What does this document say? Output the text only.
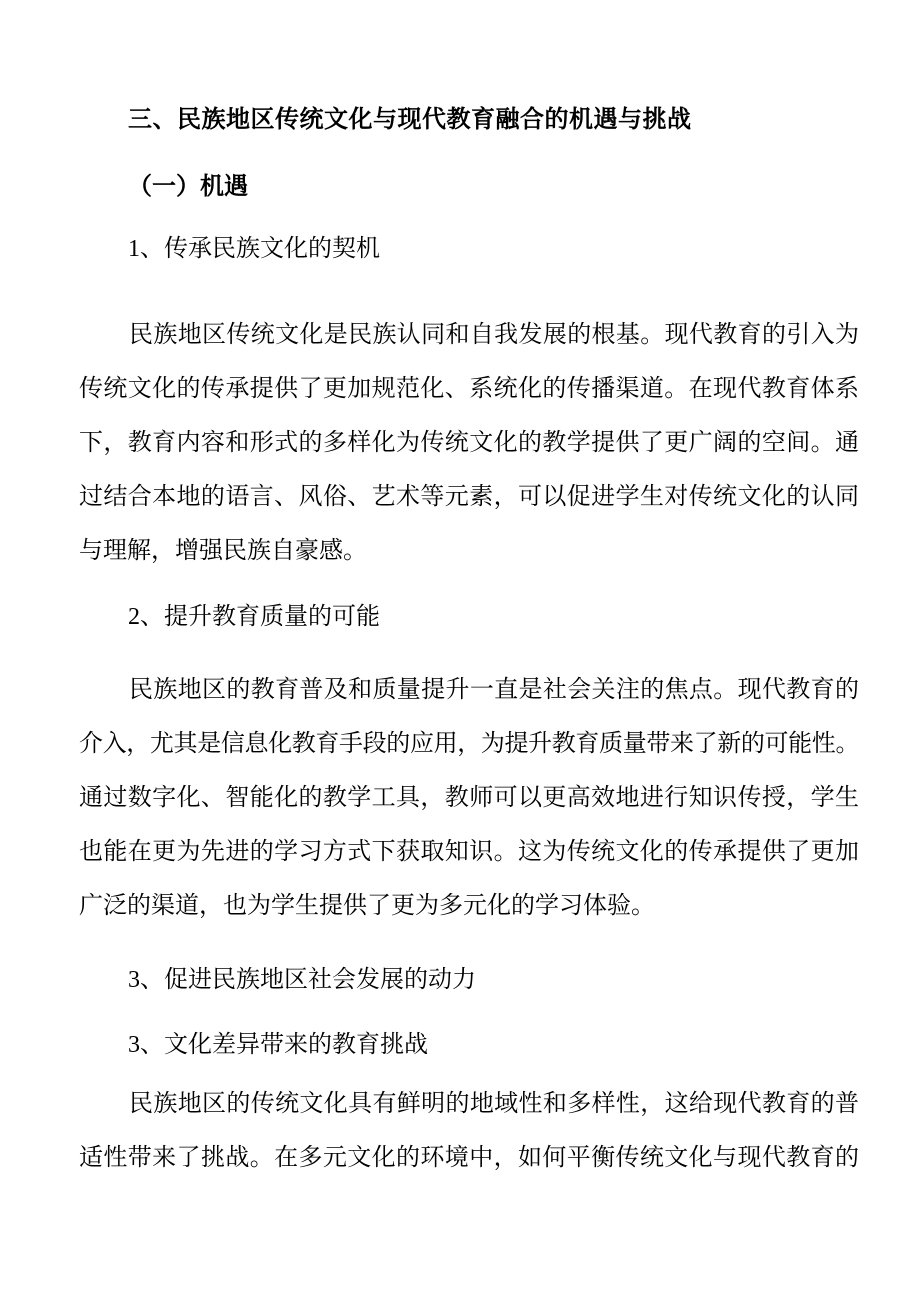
三、民族地区传统文化与现代教育融合的机遇与挑战
（一）机遇
1、传承民族文化的契机
民族地区传统文化是民族认同和自我发展的根基。现代教育的引入为
传统文化的传承提供了更加规范化、系统化的传播渠道。在现代教育体系
下，教育内容和形式的多样化为传统文化的教学提供了更广阔的空间。通
过结合本地的语言、风俗、艺术等元素，可以促进学生对传统文化的认同
与理解，增强民族自豪感。
2、提升教育质量的可能
民族地区的教育普及和质量提升一直是社会关注的焦点。现代教育的
介入，尤其是信息化教育手段的应用，为提升教育质量带来了新的可能性。
通过数字化、智能化的教学工具，教师可以更高效地进行知识传授，学生
也能在更为先进的学习方式下获取知识。这为传统文化的传承提供了更加
广泛的渠道，也为学生提供了更为多元化的学习体验。
3、促进民族地区社会发展的动力
3、文化差异带来的教育挑战
民族地区的传统文化具有鲜明的地域性和多样性，这给现代教育的普
适性带来了挑战。在多元文化的环境中，如何平衡传统文化与现代教育的
